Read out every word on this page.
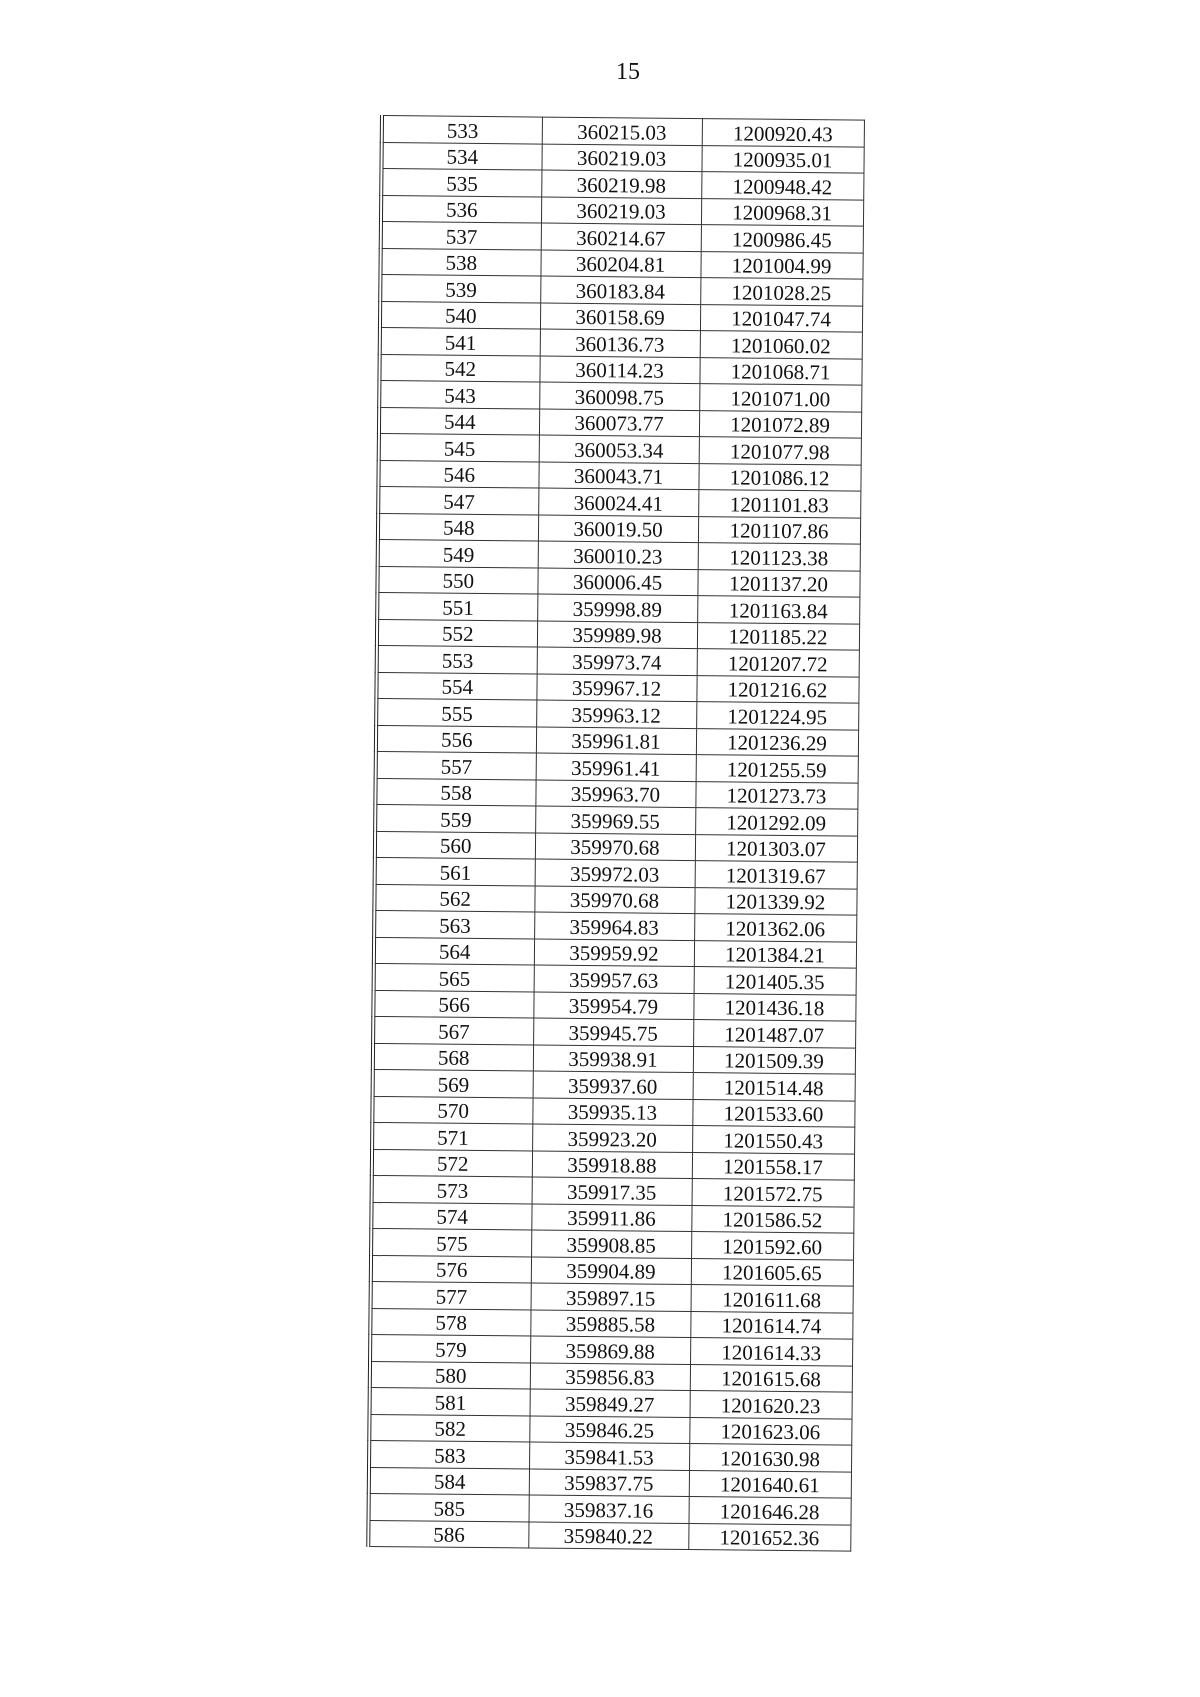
15
533	360215.03	1200920.43
534	360219.03	1200935.01
535	360219.98	1200948.42
536	360219.03	1200968.31
537	360214.67	1200986.45
538	360204.81	1201004.99
539	360183.84	1201028.25
540	360158.69	1201047.74
541	360136.73	1201060.02
542	360114.23	1201068.71
543	360098.75	1201071.00
544	360073.77	1201072.89
545	360053.34	1201077.98
546	360043.71	1201086.12
547	360024.41	1201101.83
548	360019.50	1201107.86
549	360010.23	1201123.38
550	360006.45	1201137.20
551	359998.89	1201163.84
552	359989.98	1201185.22
553	359973.74	1201207.72
554	359967.12	1201216.62
555	359963.12	1201224.95
556	359961.81	1201236.29
557	359961.41	1201255.59
558	359963.70	1201273.73
559	359969.55	1201292.09
560	359970.68	1201303.07
561	359972.03	1201319.67
562	359970.68	1201339.92
563	359964.83	1201362.06
564	359959.92	1201384.21
565	359957.63	1201405.35
566	359954.79	1201436.18
567	359945.75	1201487.07
568	359938.91	1201509.39
569	359937.60	1201514.48
570	359935.13	1201533.60
571	359923.20	1201550.43
572	359918.88	1201558.17
573	359917.35	1201572.75
574	359911.86	1201586.52
575	359908.85	1201592.60
576	359904.89	1201605.65
577	359897.15	1201611.68
578	359885.58	1201614.74
579	359869.88	1201614.33
580	359856.83	1201615.68
581	359849.27	1201620.23
582	359846.25	1201623.06
583	359841.53	1201630.98
584	359837.75	1201640.61
585	359837.16	1201646.28
586	359840.22	1201652.36
